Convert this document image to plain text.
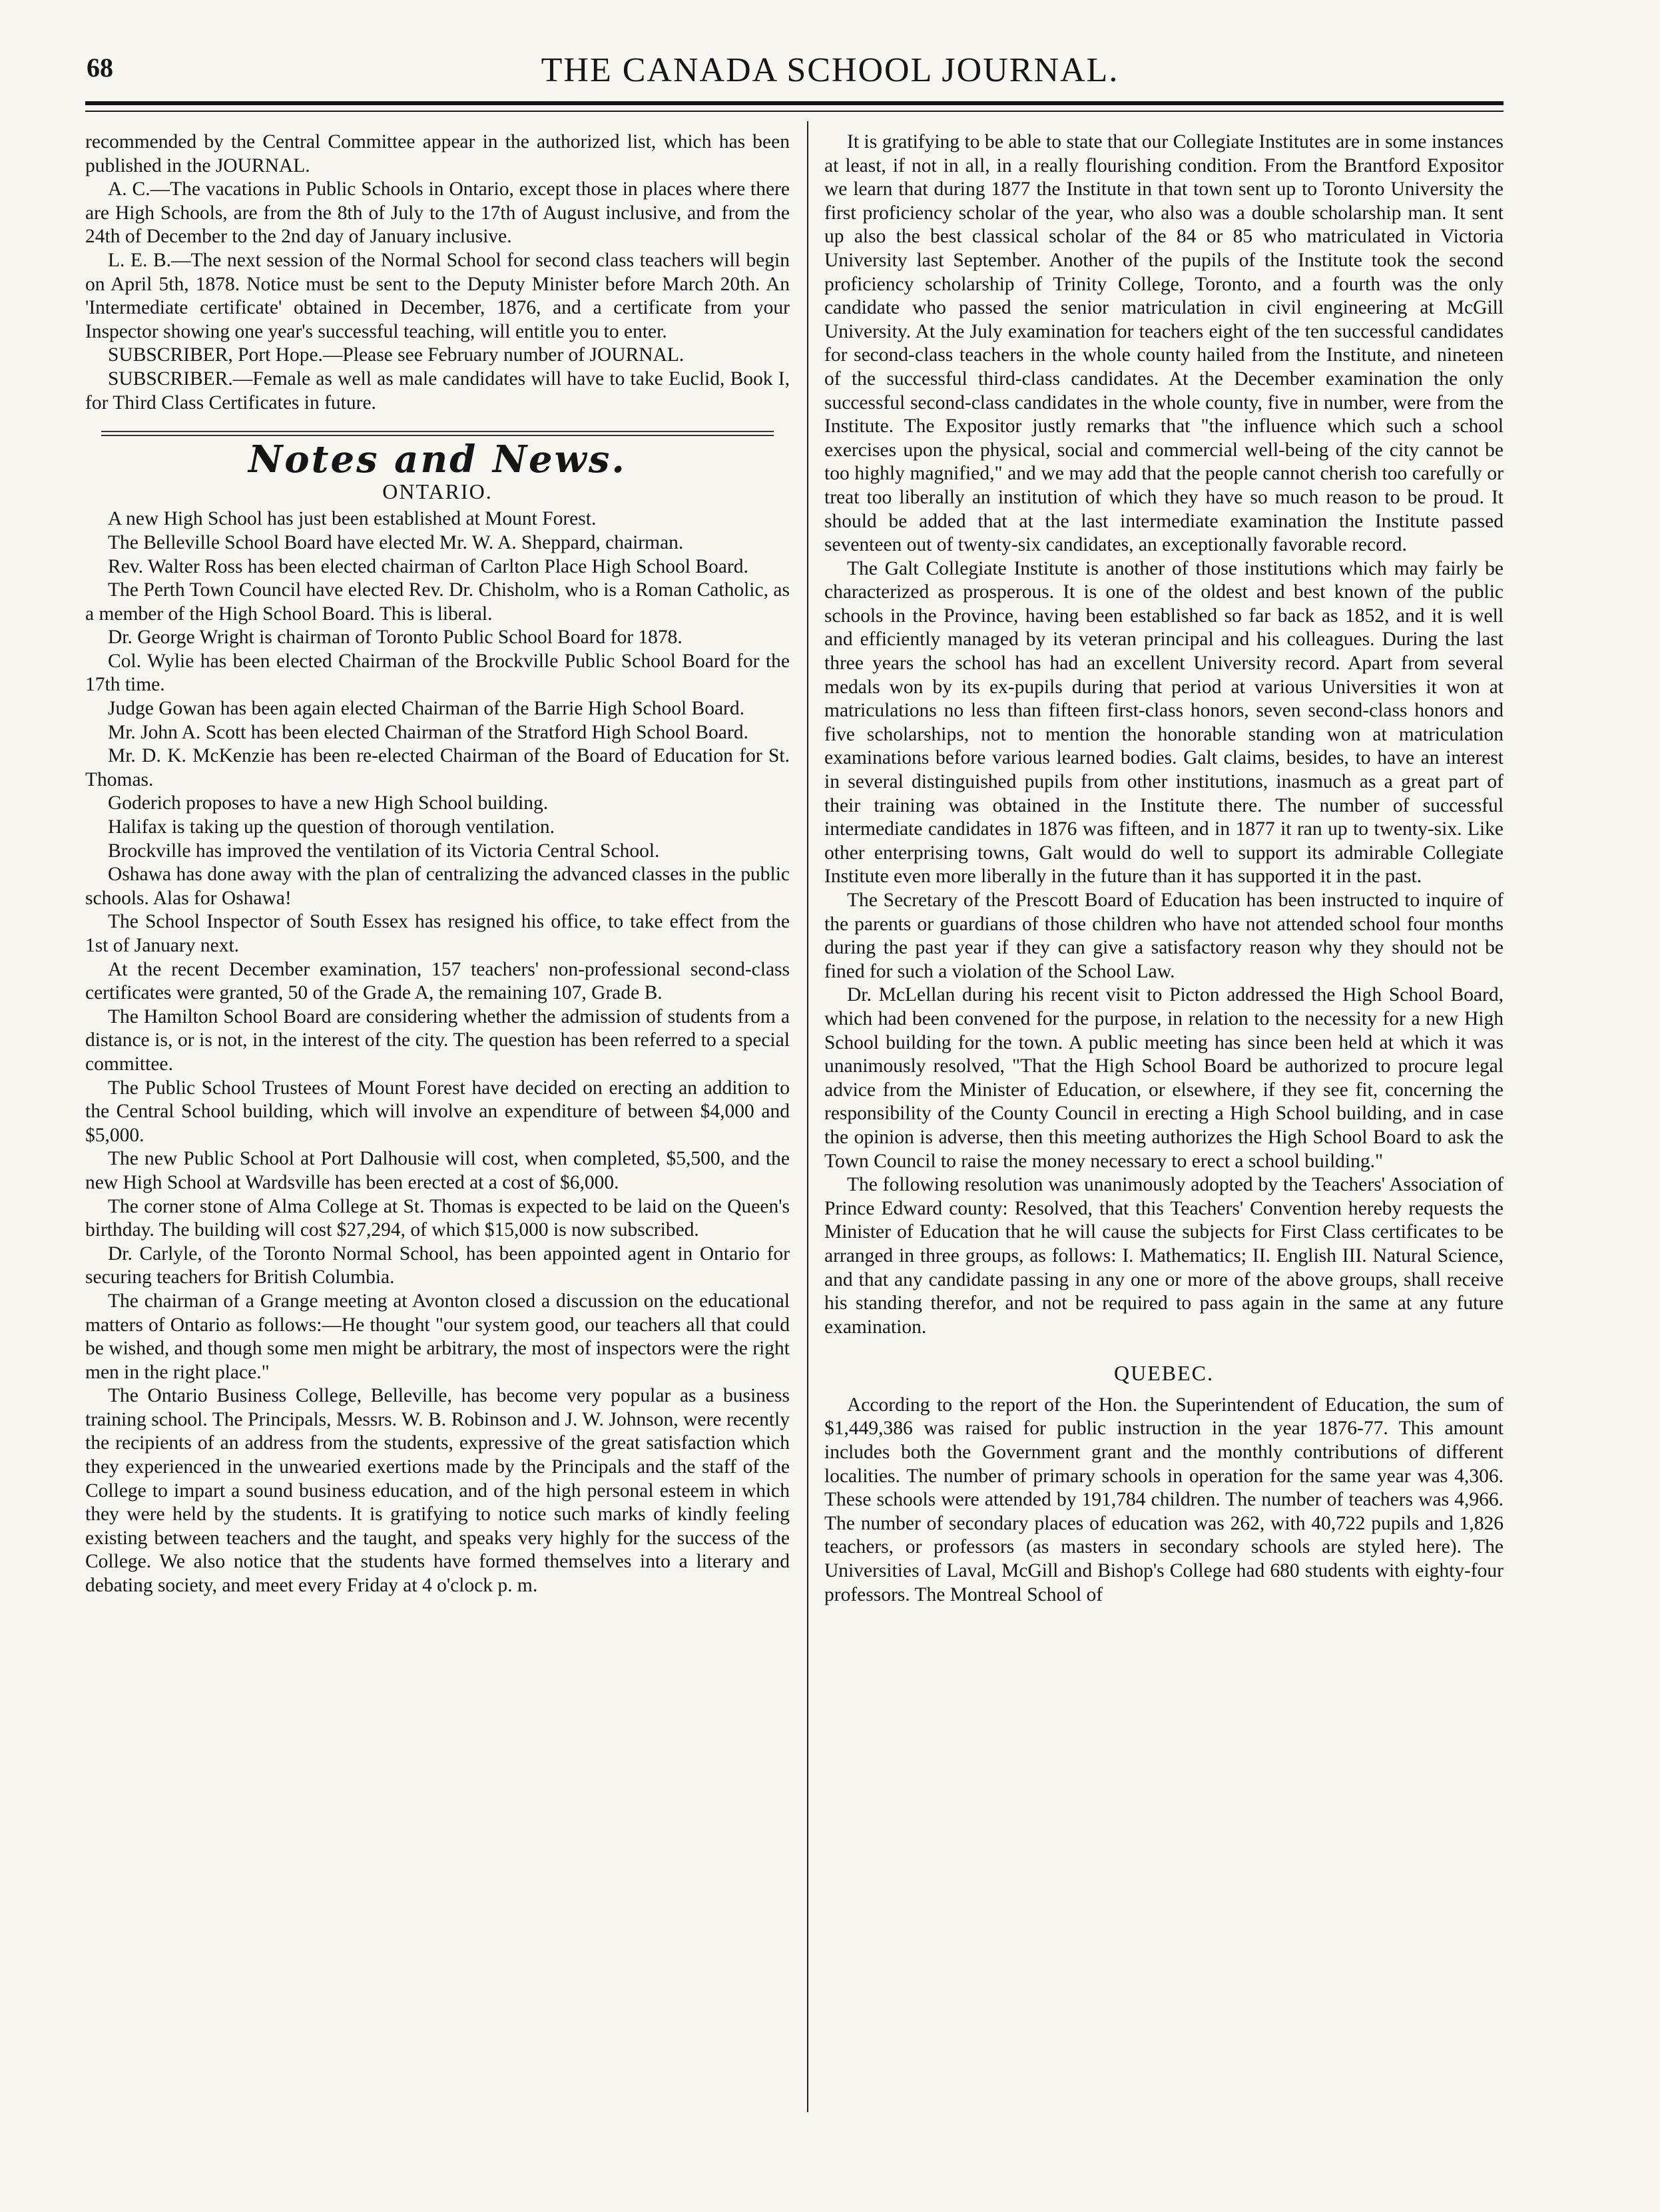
68	THE CANADA SCHOOL JOURNAL.

recommended by the Central Committee appear in the authorized list, which has been published in the JOURNAL.

A. C.—The vacations in Public Schools in Ontario, except those in places where there are High Schools, are from the 8th of July to the 17th of August inclusive, and from the 24th of December to the 2nd day of January inclusive.

L. E. B.—The next session of the Normal School for second class teachers will begin on April 5th, 1878. Notice must be sent to the Deputy Minister before March 20th. An 'Intermediate certificate' obtained in December, 1876, and a certificate from your Inspector showing one year's successful teaching, will entitle you to enter.

SUBSCRIBER, Port Hope.—Please see February number of JOURNAL.

SUBSCRIBER.—Female as well as male candidates will have to take Euclid, Book I, for Third Class Certificates in future.

Notes and News.
ONTARIO.

A new High School has just been established at Mount Forest.

The Belleville School Board have elected Mr. W. A. Sheppard, chairman.

Rev. Walter Ross has been elected chairman of Carlton Place High School Board.

The Perth Town Council have elected Rev. Dr. Chisholm, who is a Roman Catholic, as a member of the High School Board. This is liberal.

Dr. George Wright is chairman of Toronto Public School Board for 1878.

Col. Wylie has been elected Chairman of the Brockville Public School Board for the 17th time.

Judge Gowan has been again elected Chairman of the Barrie High School Board.

Mr. John A. Scott has been elected Chairman of the Stratford High School Board.

Mr. D. K. McKenzie has been re-elected Chairman of the Board of Education for St. Thomas.

Goderich proposes to have a new High School building.

Halifax is taking up the question of thorough ventilation.

Brockville has improved the ventilation of its Victoria Central School.

Oshawa has done away with the plan of centralizing the advanced classes in the public schools. Alas for Oshawa!

The School Inspector of South Essex has resigned his office, to take effect from the 1st of January next.

At the recent December examination, 157 teachers' non-professional second-class certificates were granted, 50 of the Grade A, the remaining 107, Grade B.

The Hamilton School Board are considering whether the admission of students from a distance is, or is not, in the interest of the city. The question has been referred to a special committee.

The Public School Trustees of Mount Forest have decided on erecting an addition to the Central School building, which will involve an expenditure of between $4,000 and $5,000.

The new Public School at Port Dalhousie will cost, when completed, $5,500, and the new High School at Wardsville has been erected at a cost of $6,000.

The corner stone of Alma College at St. Thomas is expected to be laid on the Queen's birthday. The building will cost $27,294, of which $15,000 is now subscribed.

Dr. Carlyle, of the Toronto Normal School, has been appointed agent in Ontario for securing teachers for British Columbia.

The chairman of a Grange meeting at Avonton closed a discussion on the educational matters of Ontario as follows:—He thought "our system good, our teachers all that could be wished, and though some men might be arbitrary, the most of inspectors were the right men in the right place."

The Ontario Business College, Belleville, has become very popular as a business training school. The Principals, Messrs. W. B. Robinson and J. W. Johnson, were recently the recipients of an address from the students, expressive of the great satisfaction which they experienced in the unwearied exertions made by the Principals and the staff of the College to impart a sound business education, and of the high personal esteem in which they were held by the students. It is gratifying to notice such marks of kindly feeling existing between teachers and the taught, and speaks very highly for the success of the College. We also notice that the students have formed themselves into a literary and debating society, and meet every Friday at 4 o'clock p. m.

It is gratifying to be able to state that our Collegiate Institutes are in some instances at least, if not in all, in a really flourishing condition. From the Brantford Expositor we learn that during 1877 the Institute in that town sent up to Toronto University the first proficiency scholar of the year, who also was a double scholarship man. It sent up also the best classical scholar of the 84 or 85 who matriculated in Victoria University last September. Another of the pupils of the Institute took the second proficiency scholarship of Trinity College, Toronto, and a fourth was the only candidate who passed the senior matriculation in civil engineering at McGill University. At the July examination for teachers eight of the ten successful candidates for second-class teachers in the whole county hailed from the Institute, and nineteen of the successful third-class candidates. At the December examination the only successful second-class candidates in the whole county, five in number, were from the Institute. The Expositor justly remarks that "the influence which such a school exercises upon the physical, social and commercial well-being of the city cannot be too highly magnified," and we may add that the people cannot cherish too carefully or treat too liberally an institution of which they have so much reason to be proud. It should be added that at the last intermediate examination the Institute passed seventeen out of twenty-six candidates, an exceptionally favorable record.

The Galt Collegiate Institute is another of those institutions which may fairly be characterized as prosperous. It is one of the oldest and best known of the public schools in the Province, having been established so far back as 1852, and it is well and efficiently managed by its veteran principal and his colleagues. During the last three years the school has had an excellent University record. Apart from several medals won by its ex-pupils during that period at various Universities it won at matriculations no less than fifteen first-class honors, seven second-class honors and five scholarships, not to mention the honorable standing won at matriculation examinations before various learned bodies. Galt claims, besides, to have an interest in several distinguished pupils from other institutions, inasmuch as a great part of their training was obtained in the Institute there. The number of successful intermediate candidates in 1876 was fifteen, and in 1877 it ran up to twenty-six. Like other enterprising towns, Galt would do well to support its admirable Collegiate Institute even more liberally in the future than it has supported it in the past.

The Secretary of the Prescott Board of Education has been instructed to inquire of the parents or guardians of those children who have not attended school four months during the past year if they can give a satisfactory reason why they should not be fined for such a violation of the School Law.

Dr. McLellan during his recent visit to Picton addressed the High School Board, which had been convened for the purpose, in relation to the necessity for a new High School building for the town. A public meeting has since been held at which it was unanimously resolved, "That the High School Board be authorized to procure legal advice from the Minister of Education, or elsewhere, if they see fit, concerning the responsibility of the County Council in erecting a High School building, and in case the opinion is adverse, then this meeting authorizes the High School Board to ask the Town Council to raise the money necessary to erect a school building."

The following resolution was unanimously adopted by the Teachers' Association of Prince Edward county: Resolved, that this Teachers' Convention hereby requests the Minister of Education that he will cause the subjects for First Class certificates to be arranged in three groups, as follows: I. Mathematics; II. English III. Natural Science, and that any candidate passing in any one or more of the above groups, shall receive his standing therefor, and not be required to pass again in the same at any future examination.

QUEBEC.

According to the report of the Hon. the Superintendent of Education, the sum of $1,449,386 was raised for public instruction in the year 1876-77. This amount includes both the Government grant and the monthly contributions of different localities. The number of primary schools in operation for the same year was 4,306. These schools were attended by 191,784 children. The number of teachers was 4,966. The number of secondary places of education was 262, with 40,722 pupils and 1,826 teachers, or professors (as masters in secondary schools are styled here). The Universities of Laval, McGill and Bishop's College had 680 students with eighty-four professors. The Montreal School of
